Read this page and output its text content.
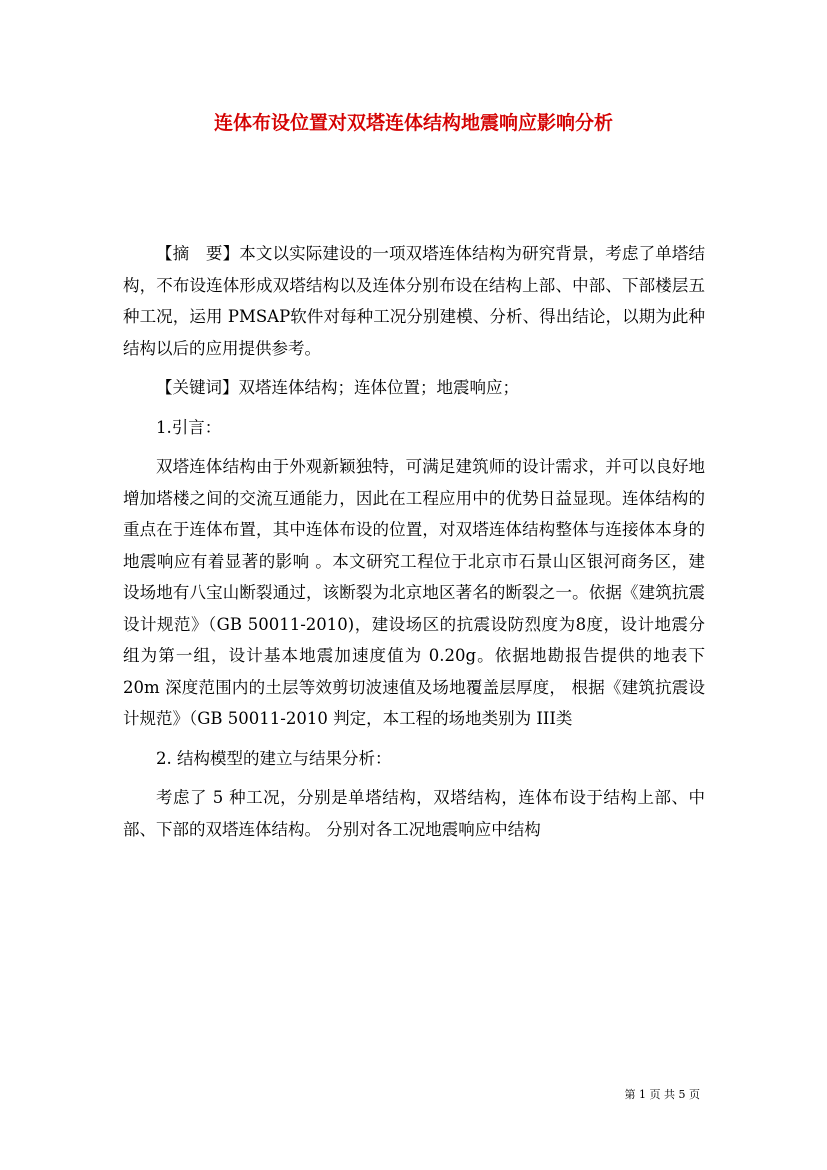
连体布设位置对双塔连体结构地震响应影响分析

【摘　要】本文以实际建设的一项双塔连体结构为研究背景，考虑了单塔结构，不布设连体形成双塔结构以及连体分别布设在结构上部、中部、下部楼层五种工况，运用 PMSAP软件对每种工况分别建模、分析、得出结论，以期为此种结构以后的应用提供参考。

【关键词】双塔连体结构；连体位置；地震响应；

1.引言：

双塔连体结构由于外观新颖独特，可满足建筑师的设计需求，并可以良好地增加塔楼之间的交流互通能力，因此在工程应用中的优势日益显现。连体结构的重点在于连体布置，其中连体布设的位置，对双塔连体结构整体与连接体本身的地震响应有着显著的影响 。本文研究工程位于北京市石景山区银河商务区，建设场地有八宝山断裂通过，该断裂为北京地区著名的断裂之一。依据《建筑抗震设计规范》（GB 50011-2010)，建设场区的抗震设防烈度为8度，设计地震分组为第一组，设计基本地震加速度值为 0.20g。依据地勘报告提供的地表下 20m 深度范围内的土层等效剪切波速值及场地覆盖层厚度， 根据《建筑抗震设计规范》（GB 50011-2010 判定，本工程的场地类别为 III类

2. 结构模型的建立与结果分析：

考虑了 5 种工况，分别是单塔结构，双塔结构，连体布设于结构上部、中部、下部的双塔连体结构。 分别对各工况地震响应中结构

第 1 页 共 5 页
